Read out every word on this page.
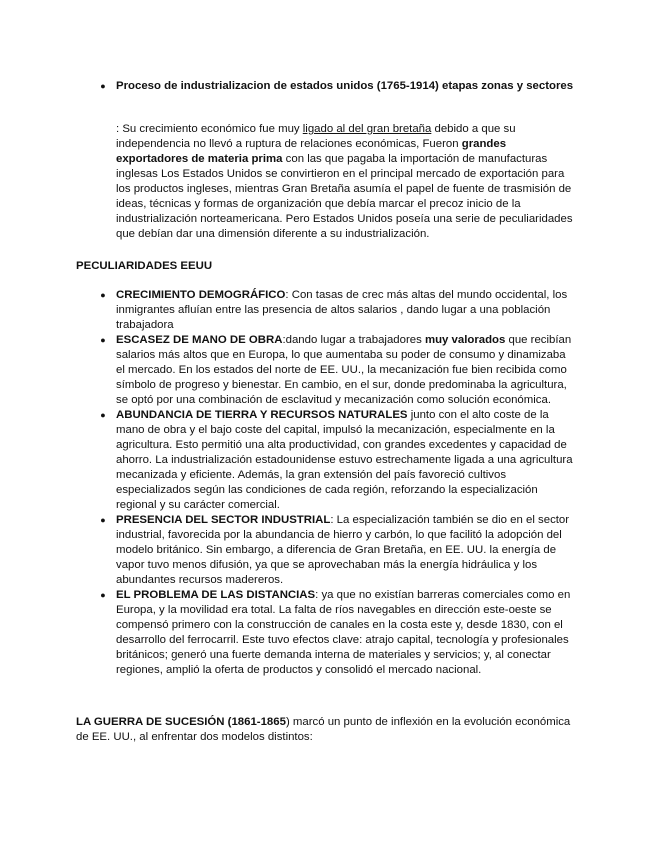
● Proceso de industrializacion de estados unidos (1765-1914) etapas zonas y sectores
: Su crecimiento económico fue muy ligado al del gran bretaña debido a que su independencia no llevó a ruptura de relaciones económicas, Fueron grandes exportadores de materia prima con las que pagaba la importación de manufacturas inglesas Los Estados Unidos se convirtieron en el principal mercado de exportación para los productos ingleses, mientras Gran Bretaña asumía el papel de fuente de trasmisión de ideas, técnicas y formas de organización que debía marcar el precoz inicio de la industrialización norteamericana. Pero Estados Unidos poseía una serie de peculiaridades que debían dar una dimensión diferente a su industrialización.
PECULIARIDADES EEUU
● CRECIMIENTO DEMOGRÁFICO: Con tasas de crec más altas del mundo occidental, los inmigrantes afluían entre las presencia de altos salarios , dando lugar a una población trabajadora
● ESCASEZ DE MANO DE OBRA:dando lugar a trabajadores muy valorados que recibían salarios más altos que en Europa, lo que aumentaba su poder de consumo y dinamizaba el mercado. En los estados del norte de EE. UU., la mecanización fue bien recibida como símbolo de progreso y bienestar. En cambio, en el sur, donde predominaba la agricultura, se optó por una combinación de esclavitud y mecanización como solución económica.
● ABUNDANCIA DE TIERRA Y RECURSOS NATURALES junto con el alto coste de la mano de obra y el bajo coste del capital, impulsó la mecanización, especialmente en la agricultura. Esto permitió una alta productividad, con grandes excedentes y capacidad de ahorro. La industrialización estadounidense estuvo estrechamente ligada a una agricultura mecanizada y eficiente. Además, la gran extensión del país favoreció cultivos especializados según las condiciones de cada región, reforzando la especialización regional y su carácter comercial.
● PRESENCIA DEL SECTOR INDUSTRIAL: La especialización también se dio en el sector industrial, favorecida por la abundancia de hierro y carbón, lo que facilitó la adopción del modelo británico. Sin embargo, a diferencia de Gran Bretaña, en EE. UU. la energía de vapor tuvo menos difusión, ya que se aprovechaban más la energía hidráulica y los abundantes recursos madereros.
● EL PROBLEMA DE LAS DISTANCIAS: ya que no existían barreras comerciales como en Europa, y la movilidad era total. La falta de ríos navegables en dirección este-oeste se compensó primero con la construcción de canales en la costa este y, desde 1830, con el desarrollo del ferrocarril. Este tuvo efectos clave: atrajo capital, tecnología y profesionales británicos; generó una fuerte demanda interna de materiales y servicios; y, al conectar regiones, amplió la oferta de productos y consolidó el mercado nacional.
LA GUERRA DE SUCESIÓN (1861-1865) marcó un punto de inflexión en la evolución económica de EE. UU., al enfrentar dos modelos distintos:
